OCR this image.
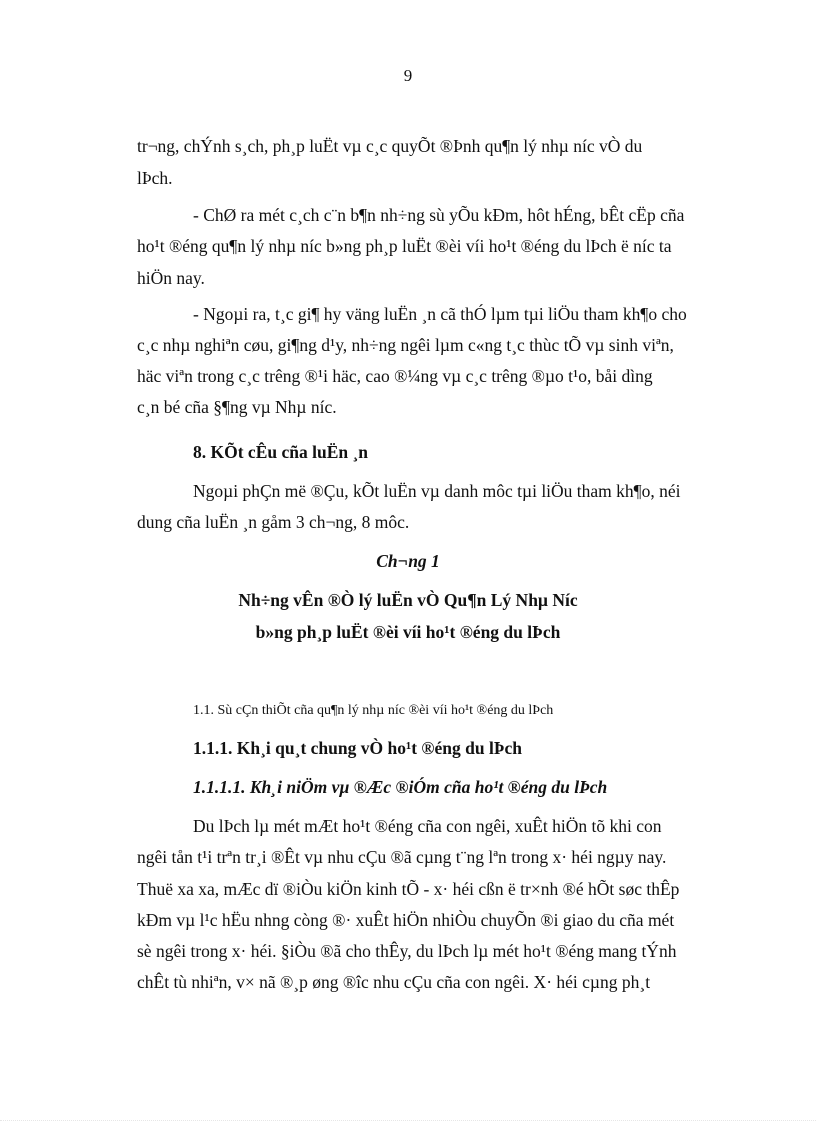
9
tr¬ng, chÝnh s¸ch, ph¸p luËt vµ c¸c quyÕt ®Þnh qu¶n lý nhµ níc vÒ du
lÞch.
- ChØ ra mét c¸ch c¨n b¶n nh÷ng sù yÕu kÐm, hôt hÉng, bÊt cËp cña
ho¹t ®éng qu¶n lý nhµ níc b»ng ph¸p luËt ®èi víi ho¹t ®éng du lÞch ë níc ta
hiÖn nay.
- Ngoµi ra, t¸c gi¶ hy väng luËn ¸n cã thÓ lµm tµi liÖu tham kh¶o cho
c¸c nhµ nghiªn cøu, gi¶ng d¹y, nh÷ng ngêi lµm c«ng t¸c thùc tÕ vµ sinh viªn,
häc viªn trong c¸c trêng ®¹i häc, cao ®¼ng vµ c¸c trêng ®µo t¹o, båi dìng
c¸n bé cña §¶ng vµ Nhµ níc.
8. KÕt cÊu cña luËn ¸n
Ngoµi phÇn më ®Çu, kÕt luËn vµ danh môc tµi liÖu tham kh¶o, néi
dung cña luËn ¸n gåm 3 ch¬ng, 8 môc.
Ch¬ng 1
Nh÷ng vÊn ®Ò lý luËn vÒ Qu¶n Lý Nhµ Níc
b»ng ph¸p luËt ®èi víi ho¹t ®éng du lÞch
1.1. Sù cÇn thiÕt cña qu¶n lý nhµ níc ®èi víi ho¹t ®éng du lÞch
1.1.1. Kh¸i qu¸t chung vÒ ho¹t ®éng du lÞch
1.1.1.1. Kh¸i niÖm vµ ®Æc ®iÓm cña ho¹t ®éng du lÞch
Du lÞch lµ mét mÆt ho¹t ®éng cña con ngêi, xuÊt hiÖn tõ khi con
ngêi tån t¹i trªn tr¸i ®Êt vµ nhu cÇu ®ã cµng t¨ng lªn trong x· héi ngµy nay.
Thuë xa xa, mÆc dï ®iÒu kiÖn kinh tÕ - x· héi cßn ë tr×nh ®é hÕt søc thÊp
kÐm vµ l¹c hËu nhng còng ®· xuÊt hiÖn nhiÒu chuyÕn ®i giao du cña mét
sè ngêi trong x· héi. §iÒu ®ã cho thÊy, du lÞch lµ mét ho¹t ®éng mang tÝnh
chÊt tù nhiªn, v× nã ®¸p øng ®îc nhu cÇu cña con ngêi. X· héi cµng ph¸t
